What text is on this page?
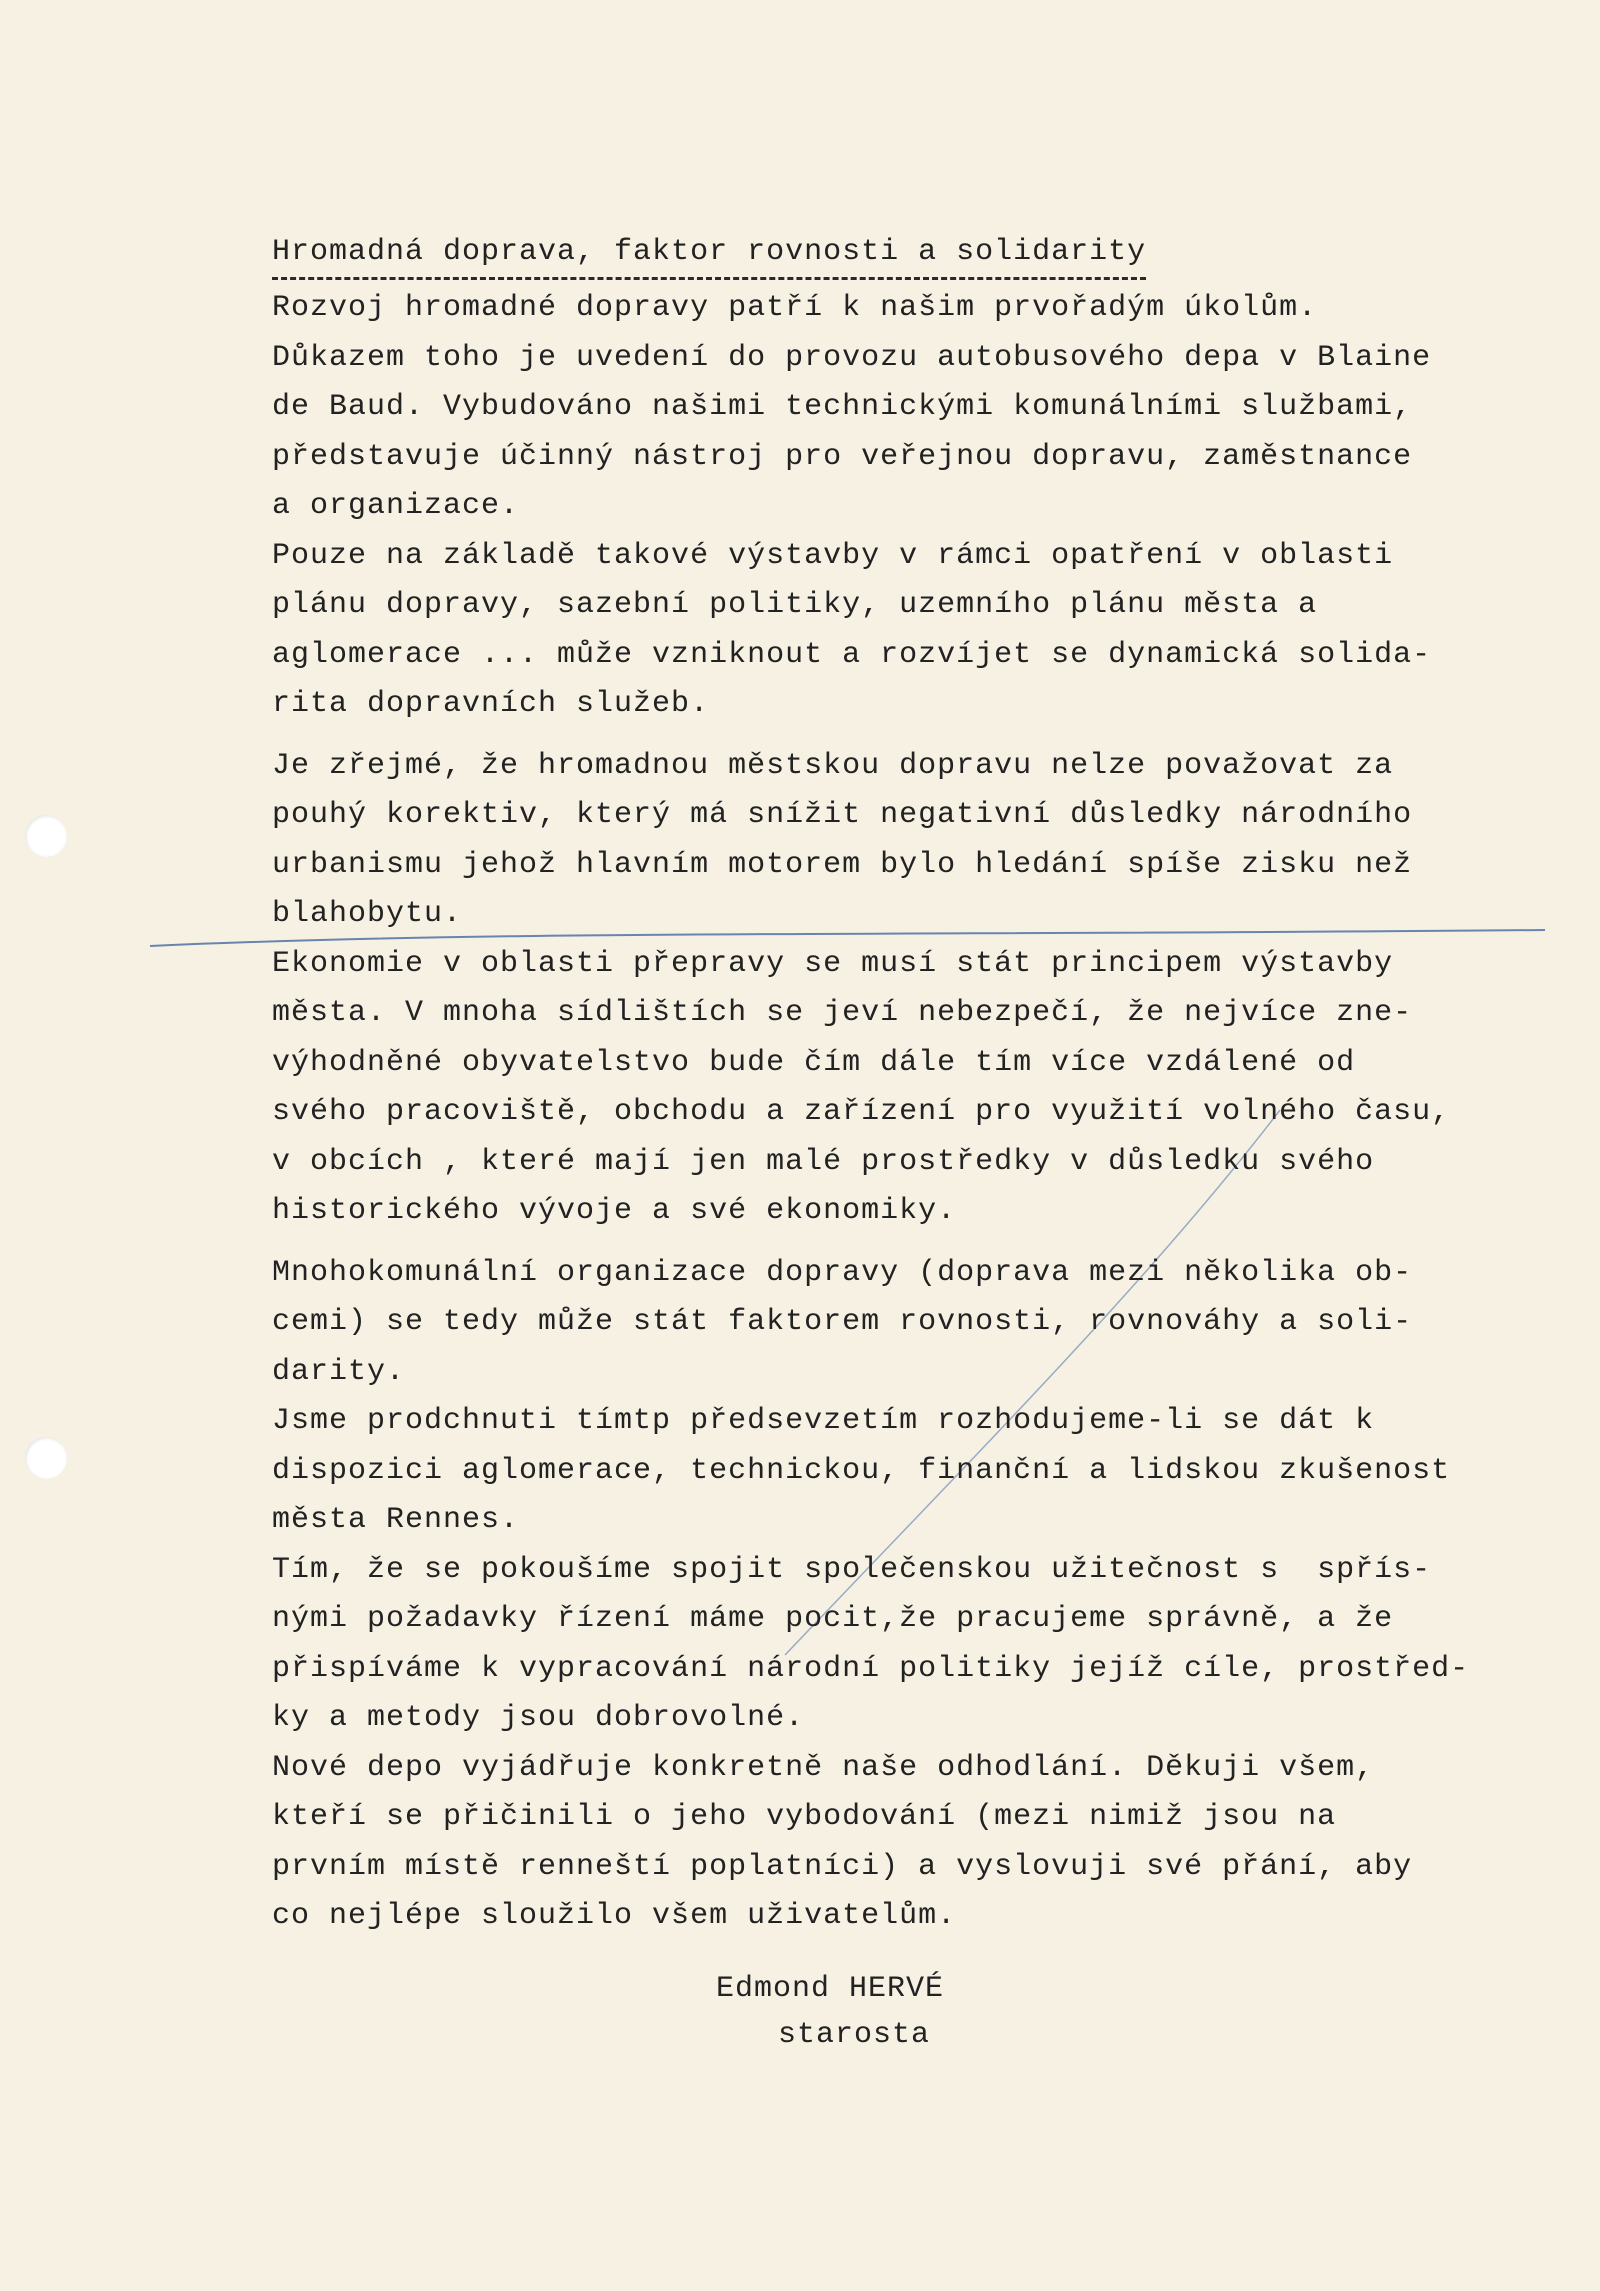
Hromadná doprava, faktor rovnosti a solidarity
Rozvoj hromadné dopravy patří k našim prvořadým úkolům.
Důkazem toho je uvedení do provozu autobusového depa v Blaine
de Baud. Vybudováno našimi technickými komunálními službami,
představuje účinný nástroj pro veřejnou dopravu, zaměstnance
a organizace.
Pouze na základě takové výstavby v rámci opatření v oblasti
plánu dopravy, sazební politiky, uzemního plánu města a
aglomerace ... může vzniknout a rozvíjet se dynamická solida-
rita dopravních služeb.
Je zřejmé, že hromadnou městskou dopravu nelze považovat za
pouhý korektiv, který má snížit negativní důsledky národního
urbanismu jehož hlavním motorem bylo hledání spíše zisku než
blahobytu.
Ekonomie v oblasti přepravy se musí stát principem výstavby
města. V mnoha sídlištích se jeví nebezpečí, že nejvíce zne-
výhodněné obyvatelstvo bude čím dále tím více vzdálené od
svého pracoviště, obchodu a zařízení pro využití volného času,
v obcích , které mají jen malé prostředky v důsledku svého
historického vývoje a své ekonomiky.
Mnohokomunální organizace dopravy (doprava mezi několika ob-
cemi) se tedy může stát faktorem rovnosti, rovnováhy a soli-
darity.
Jsme prodchnuti tímtp předsevzetím rozhodujeme-li se dát k
dispozici aglomerace, technickou, finanční a lidskou zkušenost
města Rennes.
Tím, že se pokoušíme spojit společenskou užitečnost s  spřís-
nými požadavky řízení máme pocit,že pracujeme správně, a že
přispíváme k vypracování národní politiky jejíž cíle, prostřed-
ky a metody jsou dobrovolné.
Nové depo vyjádřuje konkretně naše odhodlání. Děkuji všem,
kteří se přičinili o jeho vybodování (mezi nimiž jsou na
prvním místě renneští poplatníci) a vyslovuji své přání, aby
co nejlépe sloužilo všem uživatelům.
Edmond HERVÉ
starosta
